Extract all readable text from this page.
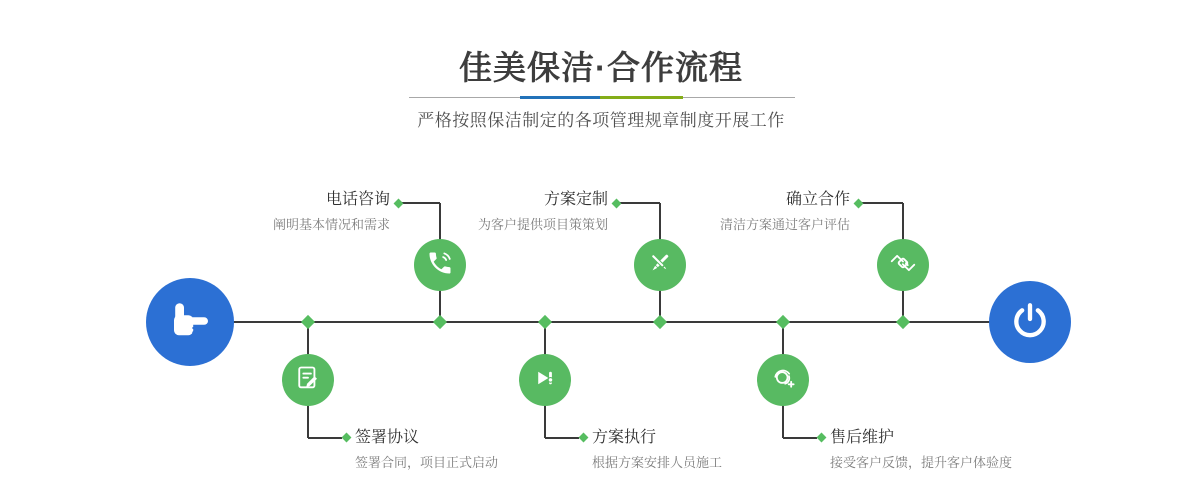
佳美保洁·合作流程
严格按照保洁制定的各项管理规章制度开展工作
签署协议
签署合同，项目正式启动
电话咨询
阐明基本情况和需求
方案执行
根据方案安排人员施工
方案定制
为客户提供项目策策划
售后维护
接受客户反馈，提升客户体验度
确立合作
清洁方案通过客户评估
